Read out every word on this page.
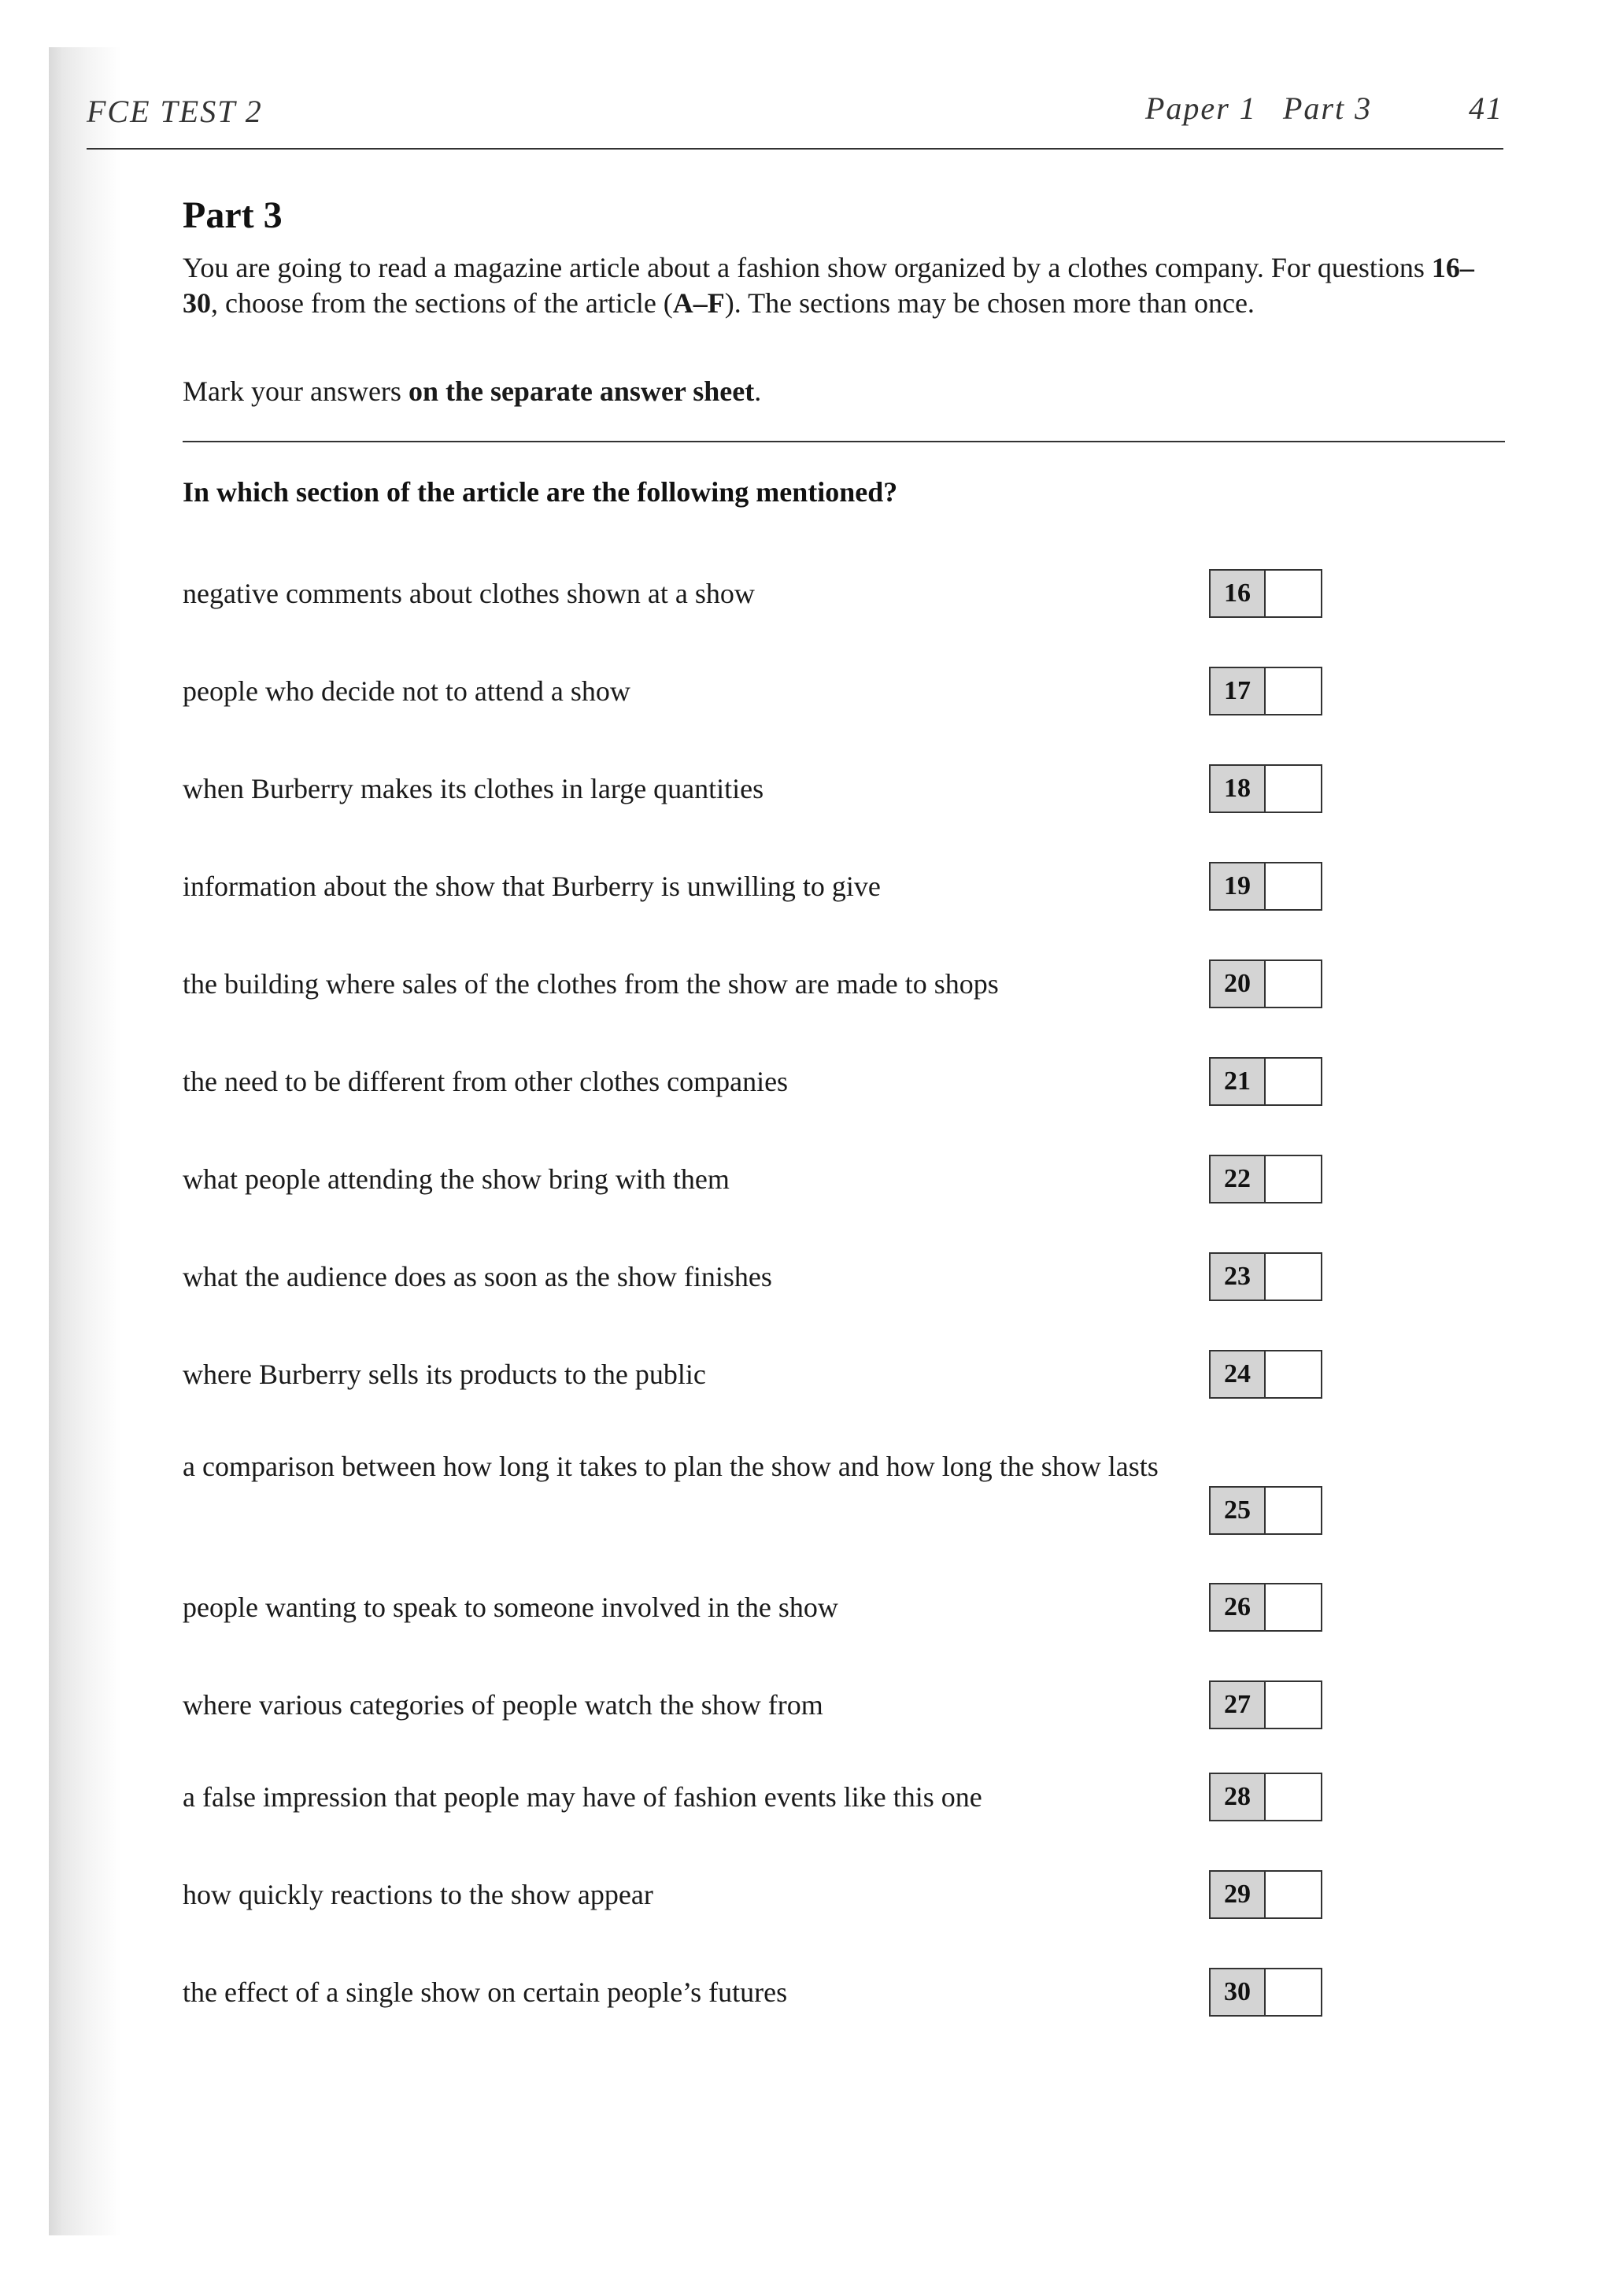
FCE TEST 2	Paper 1 Part 3	41
Part 3
You are going to read a magazine article about a fashion show organized by a clothes company. For questions 16–30, choose from the sections of the article (A–F). The sections may be chosen more than once.
Mark your answers on the separate answer sheet.
In which section of the article are the following mentioned?
negative comments about clothes shown at a show	16
people who decide not to attend a show	17
when Burberry makes its clothes in large quantities	18
information about the show that Burberry is unwilling to give	19
the building where sales of the clothes from the show are made to shops	20
the need to be different from other clothes companies	21
what people attending the show bring with them	22
what the audience does as soon as the show finishes	23
where Burberry sells its products to the public	24
a comparison between how long it takes to plan the show and how long the show lasts
25
people wanting to speak to someone involved in the show	26
where various categories of people watch the show from	27
a false impression that people may have of fashion events like this one	28
how quickly reactions to the show appear	29
the effect of a single show on certain people’s futures	30
